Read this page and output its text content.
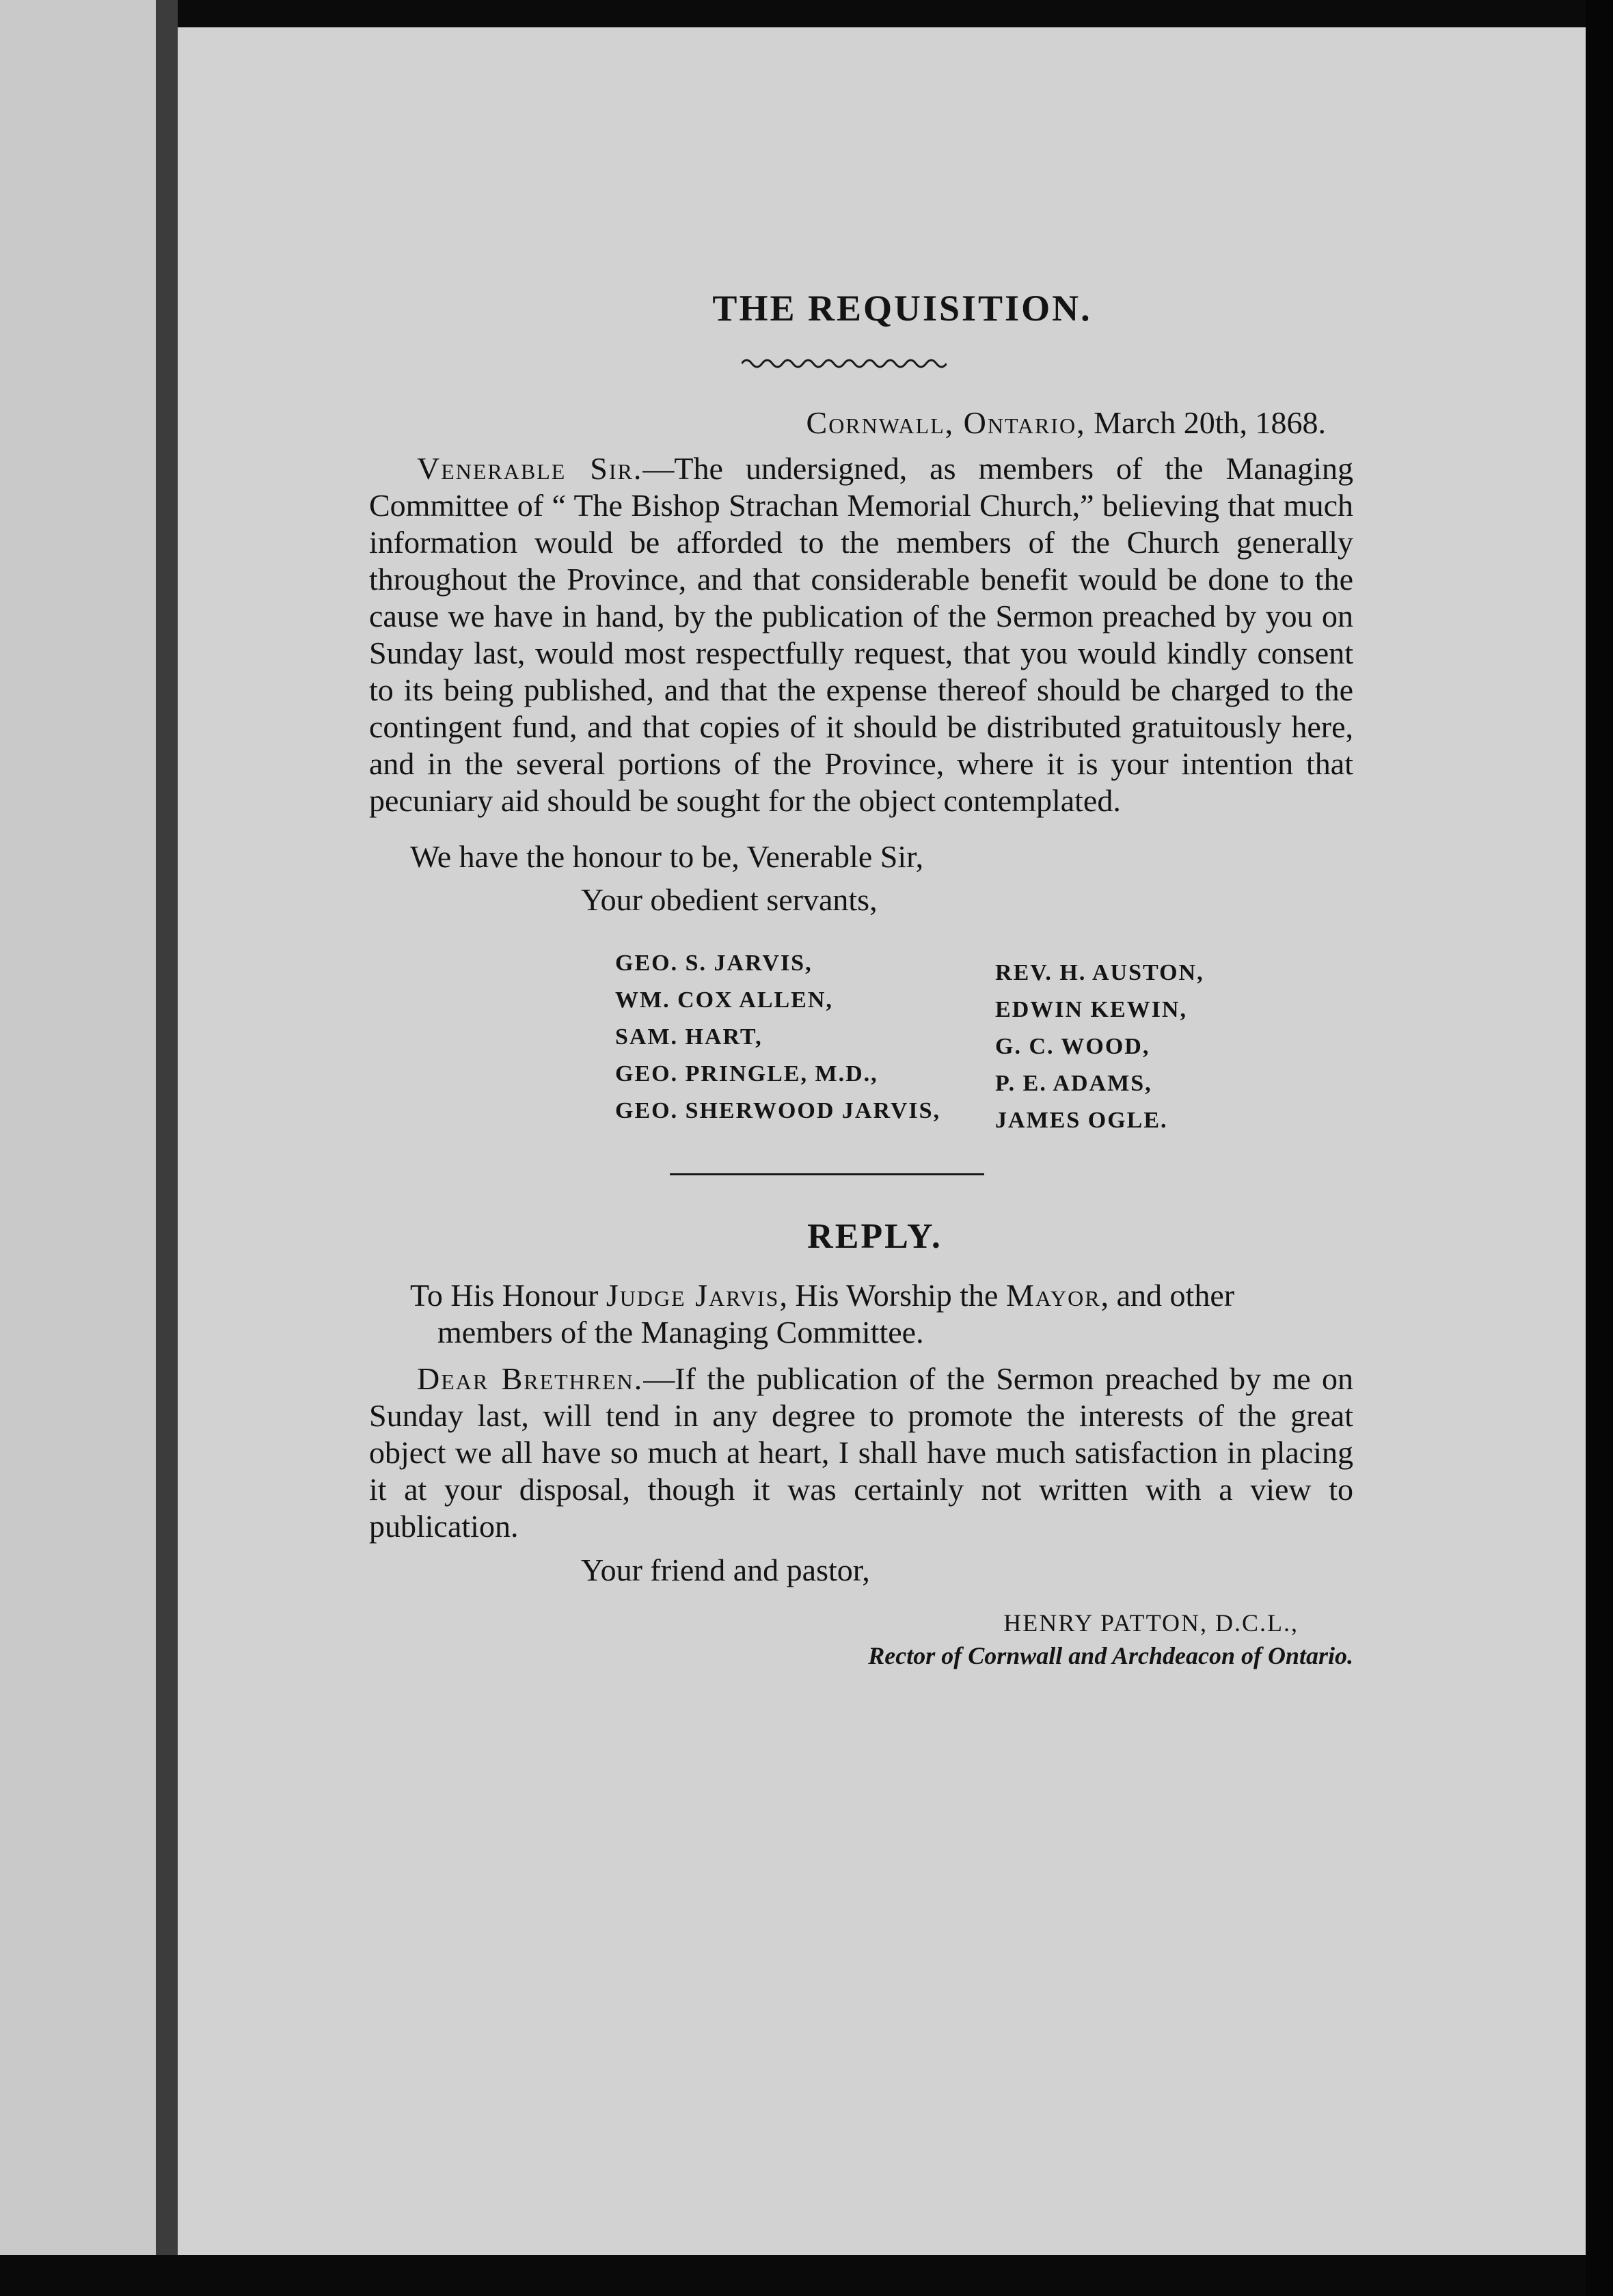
THE REQUISITION.

Cornwall, Ontario, March 20th, 1868.

Venerable Sir.—The undersigned, as members of the Managing Committee of “ The Bishop Strachan Memorial Church,” believing that much information would be afforded to the members of the Church generally throughout the Province, and that considerable benefit would be done to the cause we have in hand, by the publication of the Sermon preached by you on Sunday last, would most respectfully request, that you would kindly consent to its being published, and that the expense thereof should be charged to the contingent fund, and that copies of it should be distributed gratuitously here, and in the several portions of the Province, where it is your intention that pecuniary aid should be sought for the object contemplated.

We have the honour to be, Venerable Sir,

Your obedient servants,

GEO. S. JARVIS,
WM. COX ALLEN,
SAM. HART,
GEO. PRINGLE, M.D.,
GEO. SHERWOOD JARVIS,
REV. H. AUSTON,
EDWIN KEWIN,
G. C. WOOD,
P. E. ADAMS,
JAMES OGLE.
REPLY.

To His Honour Judge Jarvis, His Worship the Mayor, and other members of the Managing Committee.

Dear Brethren.—If the publication of the Sermon preached by me on Sunday last, will tend in any degree to promote the interests of the great object we all have so much at heart, I shall have much satisfaction in placing it at your disposal, though it was certainly not written with a view to publication.

Your friend and pastor,

HENRY PATTON, D.C.L.,
Rector of Cornwall and Archdeacon of Ontario.
